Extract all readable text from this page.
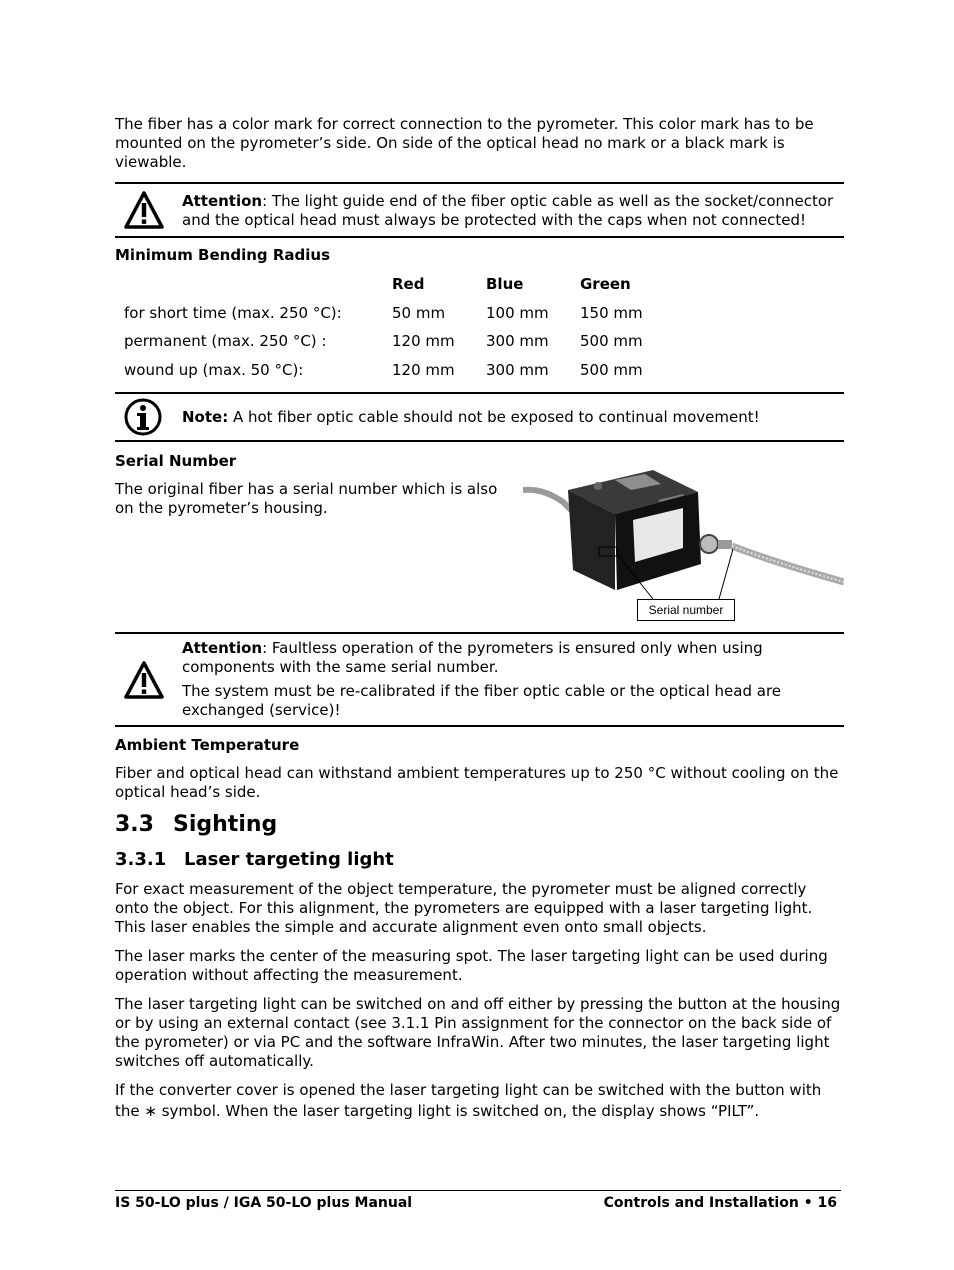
The fiber has a color mark for correct connection to the pyrometer. This color mark has to be mounted on the pyrometer’s side. On side of the optical head no mark or a black mark is viewable.

Attention: The light guide end of the fiber optic cable as well as the socket/connector and the optical head must always be protected with the caps when not connected!
Minimum Bending Radius
	Red	Blue	Green
for short time (max. 250 °C):	50 mm	100 mm	150 mm
permanent (max. 250 °C) :	120 mm	300 mm	500 mm
wound up (max. 50 °C):	120 mm	300 mm	500 mm
Note: A hot fiber optic cable should not be exposed to continual movement!
Serial Number

The original fiber has a serial number which is also on the pyrometer’s housing.

Serial number
Attention: Faultless operation of the pyrometers is ensured only when using components with the same serial number.
The system must be re-calibrated if the fiber optic cable or the optical head are exchanged (service)!
Ambient Temperature

Fiber and optical head can withstand ambient temperatures up to 250 °C without cooling on the optical head’s side.

3.3 Sighting
3.3.1 Laser targeting light

For exact measurement of the object temperature, the pyrometer must be aligned correctly onto the object. For this alignment, the pyrometers are equipped with a laser targeting light. This laser enables the simple and accurate alignment even onto small objects.

The laser marks the center of the measuring spot. The laser targeting light can be used during operation without affecting the measurement.

The laser targeting light can be switched on and off either by pressing the button at the housing or by using an external contact (see 3.1.1 Pin assignment for the connector on the back side of the pyrometer) or via PC and the software InfraWin. After two minutes, the laser targeting light switches off automatically.

If the converter cover is opened the laser targeting light can be switched with the button with the ∗ symbol. When the laser targeting light is switched on, the display shows “PILT”.

IS 50-LO plus / IGA 50-LO plus Manual	Controls and Installation • 16
